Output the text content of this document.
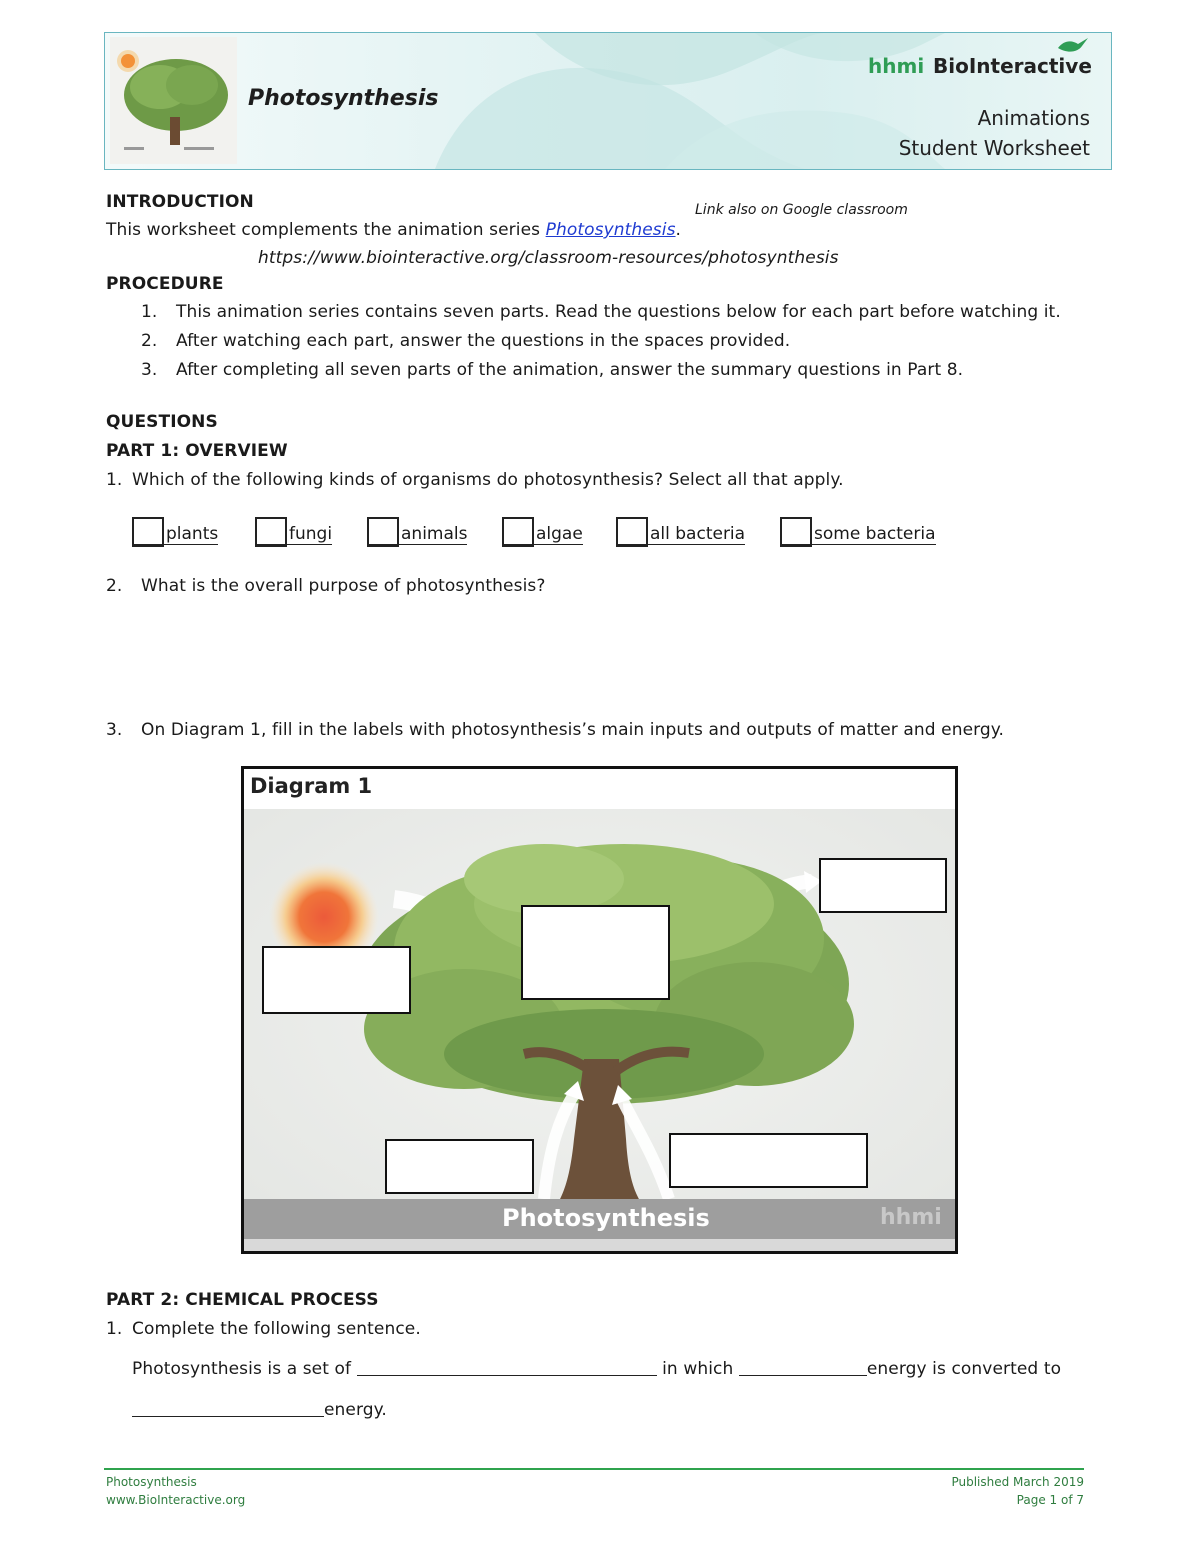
Photosynthesis
hhmi BioInteractive
Animations
Student Worksheet
INTRODUCTION	Link also on Google classroom
This worksheet complements the animation series Photosynthesis.
https://www.biointeractive.org/classroom-resources/photosynthesis
PROCEDURE
1. This animation series contains seven parts. Read the questions below for each part before watching it.
2. After watching each part, answer the questions in the spaces provided.
3. After completing all seven parts of the animation, answer the summary questions in Part 8.
QUESTIONS
PART 1: OVERVIEW
1. Which of the following kinds of organisms do photosynthesis? Select all that apply.
plants	fungi	animals	algae	all bacteria	some bacteria
2. What is the overall purpose of photosynthesis?
3. On Diagram 1, fill in the labels with photosynthesis’s main inputs and outputs of matter and energy.
Photosynthesis	hhmi
Diagram 1
PART 2: CHEMICAL PROCESS
1. Complete the following sentence.
Photosynthesis is a set of	in which	energy is converted to
energy.
Photosynthesis
www.BioInteractive.org
Published March 2019
Page 1 of 7
